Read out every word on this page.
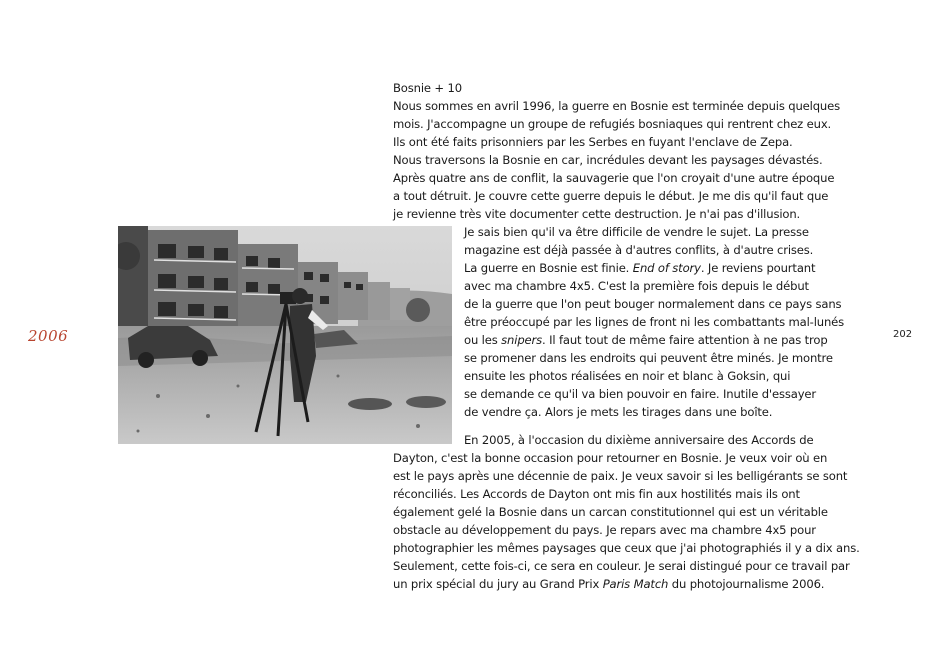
2006	202
Bosnie + 10
Nous sommes en avril 1996, la guerre en Bosnie est terminée depuis quelques
mois. J'accompagne un groupe de refugiés bosniaques qui rentrent chez eux.
Ils ont été faits prisonniers par les Serbes en fuyant l'enclave de Zepa.
Nous traversons la Bosnie en car, incrédules devant les paysages dévastés.
Après quatre ans de conflit, la sauvagerie que l'on croyait d'une autre époque
a tout détruit. Je couvre cette guerre depuis le début. Je me dis qu'il faut que
je revienne très vite documenter cette destruction. Je n'ai pas d'illusion.
Je sais bien qu'il va être difficile de vendre le sujet. La presse
magazine est déjà passée à d'autres conflits, à d'autre crises.
La guerre en Bosnie est finie. End of story. Je reviens pourtant
avec ma chambre 4x5. C'est la première fois depuis le début
de la guerre que l'on peut bouger normalement dans ce pays sans
être préoccupé par les lignes de front ni les combattants mal-lunés
ou les snipers. Il faut tout de même faire attention à ne pas trop
se promener dans les endroits qui peuvent être minés. Je montre
ensuite les photos réalisées en noir et blanc à Goksin, qui
se demande ce qu'il va bien pouvoir en faire. Inutile d'essayer
de vendre ça. Alors je mets les tirages dans une boîte.
En 2005, à l'occasion du dixième anniversaire des Accords de
Dayton, c'est la bonne occasion pour retourner en Bosnie. Je veux voir où en
est le pays après une décennie de paix. Je veux savoir si les belligérants se sont
réconciliés. Les Accords de Dayton ont mis fin aux hostilités mais ils ont
également gelé la Bosnie dans un carcan constitutionnel qui est un véritable
obstacle au développement du pays. Je repars avec ma chambre 4x5 pour
photographier les mêmes paysages que ceux que j'ai photographiés il y a dix ans.
Seulement, cette fois-ci, ce sera en couleur. Je serai distingué pour ce travail par
un prix spécial du jury au Grand Prix Paris Match du photojournalisme 2006.
